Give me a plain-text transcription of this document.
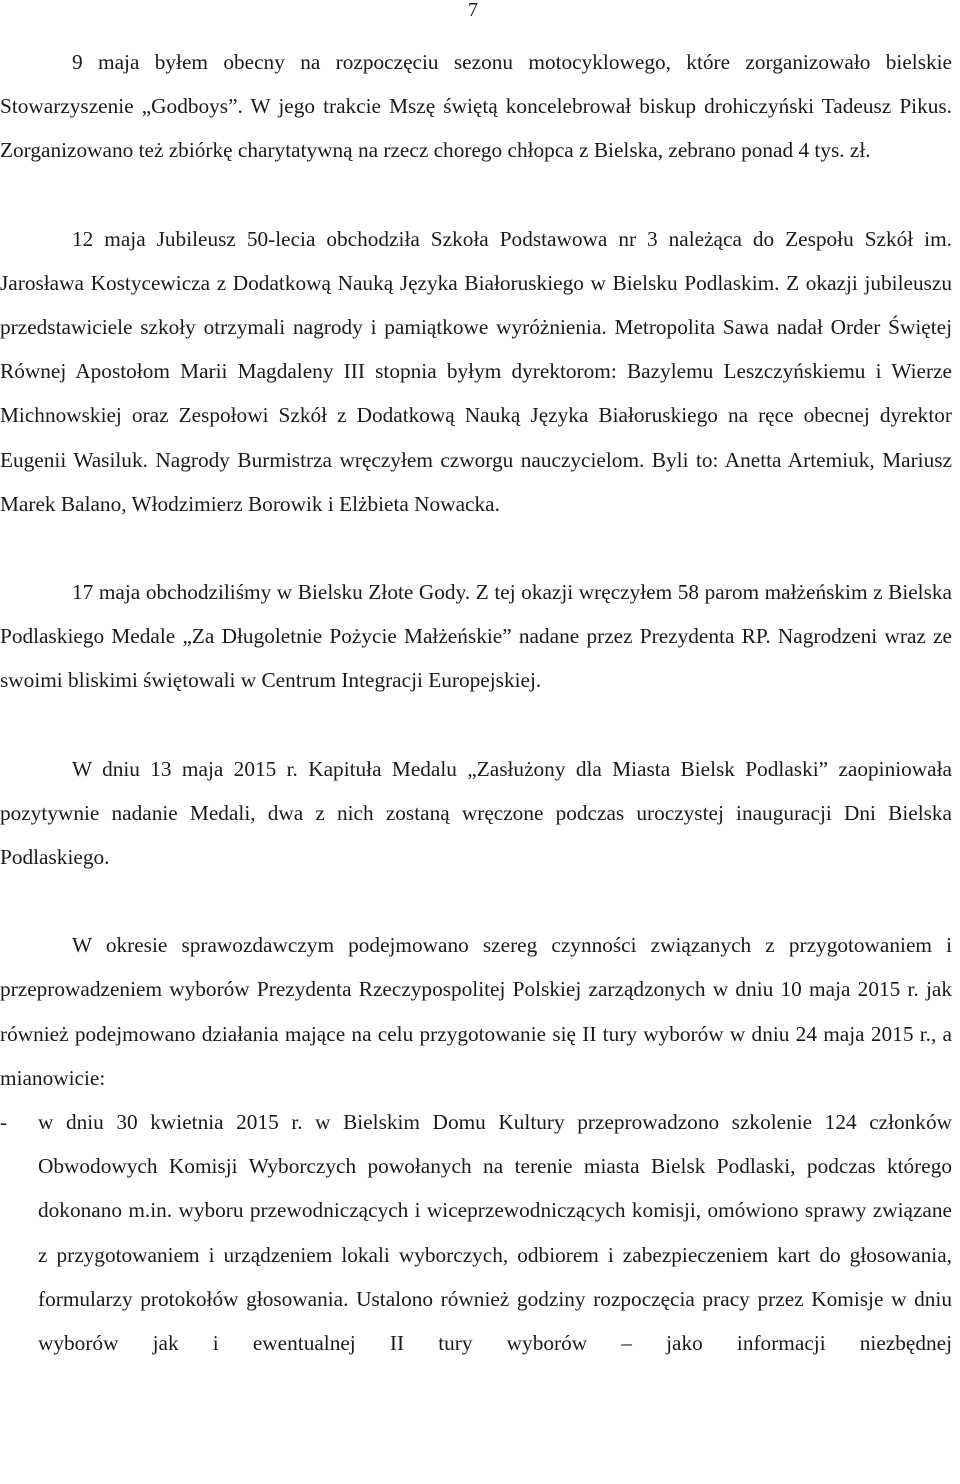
7

9 maja byłem obecny na rozpoczęciu sezonu motocyklowego, które zorganizowało bielskie Stowarzyszenie „Godboys”. W jego trakcie Mszę świętą koncelebrował biskup drohiczyński Tadeusz Pikus. Zorganizowano też zbiórkę charytatywną na rzecz chorego chłopca z Bielska, zebrano ponad 4 tys. zł.

12 maja Jubileusz 50-lecia obchodziła Szkoła Podstawowa nr 3 należąca do Zespołu Szkół im. Jarosława Kostycewicza z Dodatkową Nauką Języka Białoruskiego w Bielsku Podlaskim. Z okazji jubileuszu przedstawiciele szkoły otrzymali nagrody i pamiątkowe wyróżnienia. Metropolita Sawa nadał Order Świętej Równej Apostołom Marii Magdaleny III stopnia byłym dyrektorom: Bazylemu Leszczyńskiemu i Wierze Michnowskiej oraz Zespołowi Szkół z Dodatkową Nauką Języka Białoruskiego na ręce obecnej dyrektor Eugenii Wasiluk. Nagrody Burmistrza wręczyłem czworgu nauczycielom. Byli to: Anetta Artemiuk, Mariusz Marek Balano, Włodzimierz Borowik i Elżbieta Nowacka.

17 maja obchodziliśmy w Bielsku Złote Gody. Z tej okazji wręczyłem 58 parom małżeńskim z Bielska Podlaskiego Medale „Za Długoletnie Pożycie Małżeńskie” nadane przez Prezydenta RP. Nagrodzeni wraz ze swoimi bliskimi świętowali w Centrum Integracji Europejskiej.

W dniu 13 maja 2015 r. Kapituła Medalu „Zasłużony dla Miasta Bielsk Podlaski” zaopiniowała pozytywnie nadanie Medali, dwa z nich zostaną wręczone podczas uroczystej inauguracji Dni Bielska Podlaskiego.

W okresie sprawozdawczym podejmowano szereg czynności związanych z przygotowaniem i przeprowadzeniem wyborów Prezydenta Rzeczypospolitej Polskiej zarządzonych w dniu 10 maja 2015 r. jak również podejmowano działania mające na celu przygotowanie się II tury wyborów w dniu 24 maja 2015 r., a mianowicie:

- w dniu 30 kwietnia 2015 r. w Bielskim Domu Kultury przeprowadzono szkolenie 124 członków Obwodowych Komisji Wyborczych powołanych na terenie miasta Bielsk Podlaski, podczas którego dokonano m.in. wyboru przewodniczących i wiceprzewodniczących komisji, omówiono sprawy związane z przygotowaniem i urządzeniem lokali wyborczych, odbiorem i zabezpieczeniem kart do głosowania, formularzy protokołów głosowania. Ustalono również godziny rozpoczęcia pracy przez Komisje w dniu wyborów jak i ewentualnej II tury wyborów – jako informacji niezbędnej
